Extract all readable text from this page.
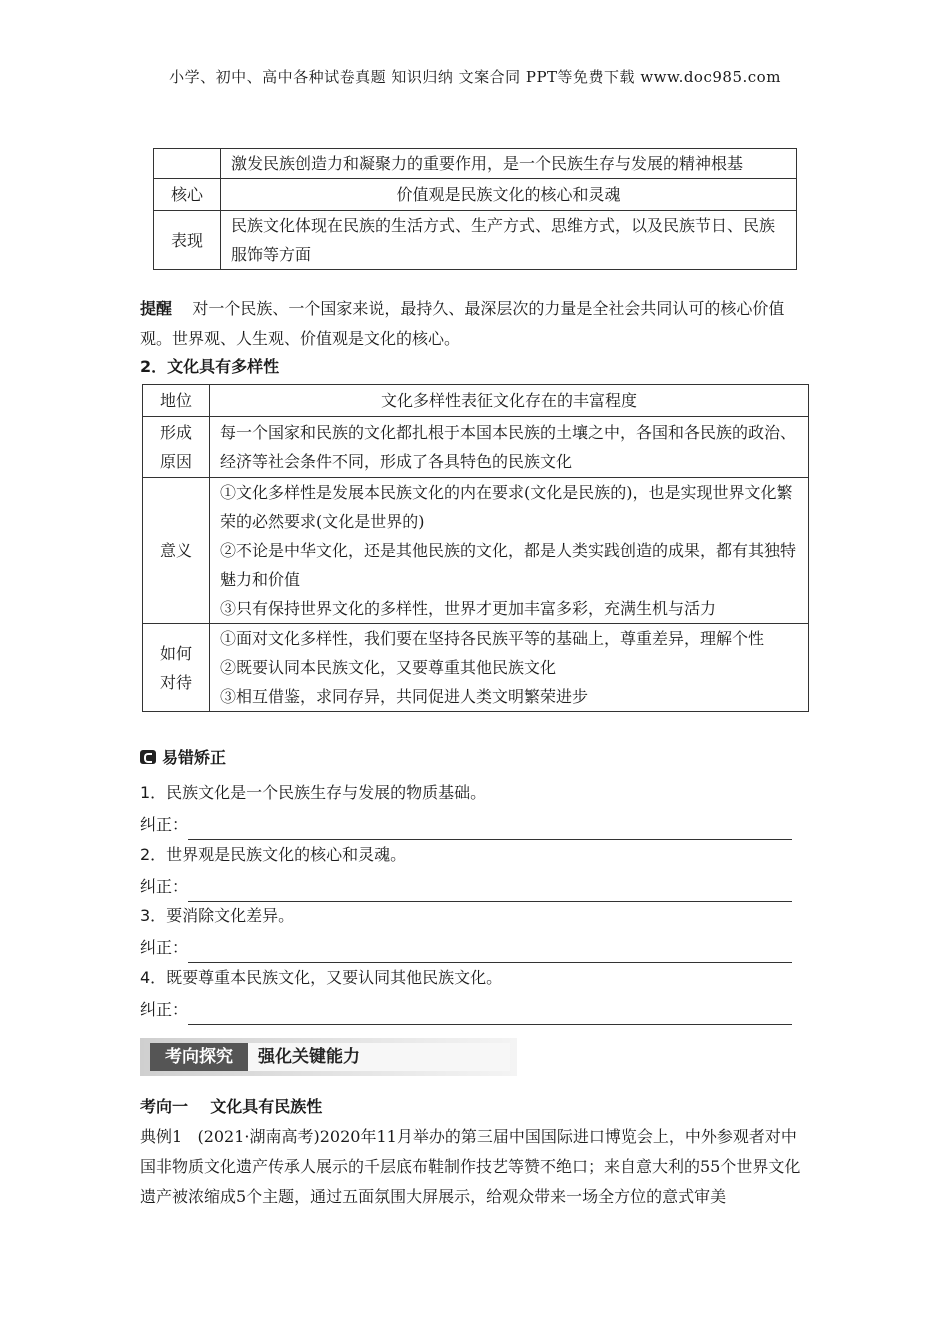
小学、初中、高中各种试卷真题 知识归纳 文案合同 PPT等免费下载 www.doc985.com
	激发民族创造力和凝聚力的重要作用，是一个民族生存与发展的精神根基
核心	价值观是民族文化的核心和灵魂
表现	民族文化体现在民族的生活方式、生产方式、思维方式，以及民族节日、民族服饰等方面
提醒 对一个民族、一个国家来说，最持久、最深层次的力量是全社会共同认可的核心价值观。世界观、人生观、价值观是文化的核心。
2．文化具有多样性
地位	文化多样性表征文化存在的丰富程度

形成原因	每一个国家和民族的文化都扎根于本国本民族的土壤之中，各国和各民族的政治、经济等社会条件不同，形成了各具特色的民族文化
意义	①文化多样性是发展本民族文化的内在要求(文化是民族的)，也是实现世界文化繁荣的必然要求(文化是世界的)
②不论是中华文化，还是其他民族的文化，都是人类实践创造的成果，都有其独特魅力和价值
③只有保持世界文化的多样性，世界才更加丰富多彩，充满生机与活力

如何对待	①面对文化多样性，我们要在坚持各民族平等的基础上，尊重差异，理解个性
②既要认同本民族文化，又要尊重其他民族文化
③相互借鉴，求同存异，共同促进人类文明繁荣进步
易错矫正
1．民族文化是一个民族生存与发展的物质基础。
纠正：
2．世界观是民族文化的核心和灵魂。
纠正：
3．要消除文化差异。
纠正：
4．既要尊重本民族文化，又要认同其他民族文化。
纠正：
考向探究	强化关键能力
考向一 文化具有民族性
典例1 (2021·湖南高考)2020年11月举办的第三届中国国际进口博览会上，中外参观者对中国非物质文化遗产传承人展示的千层底布鞋制作技艺等赞不绝口；来自意大利的55个世界文化遗产被浓缩成5个主题，通过五面氛围大屏展示，给观众带来一场全方位的意式审美
